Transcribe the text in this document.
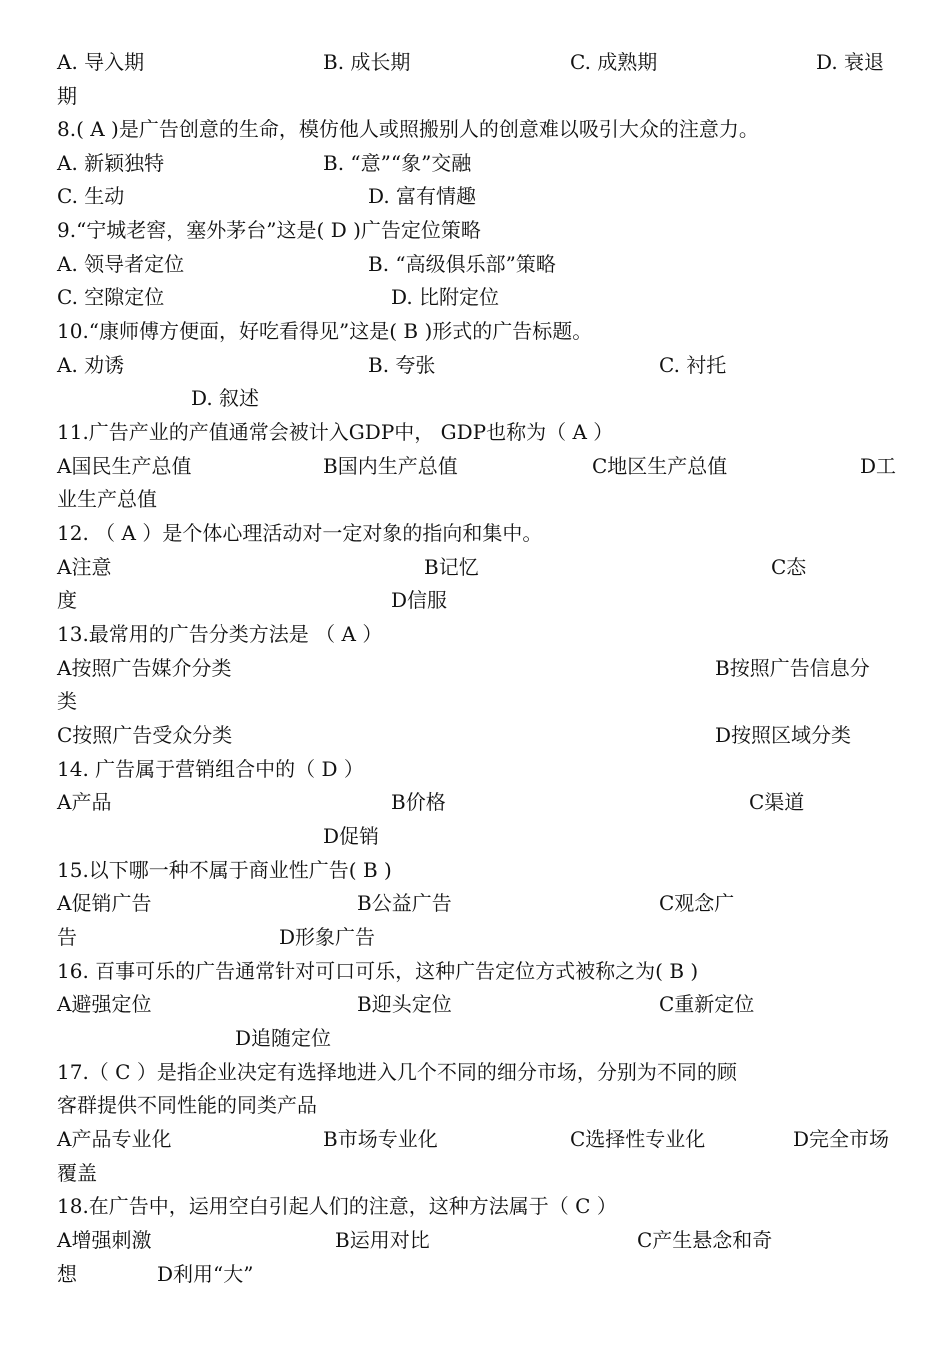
A. 导入期	B. 成长期	C. 成熟期	D. 衰退
期
8.( A )是广告创意的生命，模仿他人或照搬别人的创意难以吸引大众的注意力。
A. 新颖独特	B. “意”“象”交融
C. 生动	D. 富有情趣
9.“宁城老窖，塞外茅台”这是( D )广告定位策略
A. 领导者定位	B. “高级俱乐部”策略
C. 空隙定位	D. 比附定位
10.“康师傅方便面，好吃看得见”这是( B )形式的广告标题。
A. 劝诱	B. 夸张	C. 衬托
D. 叙述
11.广告产业的产值通常会被计入GDP中， GDP也称为（ A ）
A国民生产总值	B国内生产总值	C地区生产总值	D工
业生产总值
12. （ A ）是个体心理活动对一定对象的指向和集中。
A注意	B记忆	C态
度	D信服
13.最常用的广告分类方法是 （ A ）
A按照广告媒介分类	B按照广告信息分
类
C按照广告受众分类	D按照区域分类
14. 广告属于营销组合中的（ D ）
A产品	B价格	C渠道
D促销
15.以下哪一种不属于商业性广告( B )
A促销广告	B公益广告	C观念广
告	D形象广告
16. 百事可乐的广告通常针对可口可乐，这种广告定位方式被称之为( B )
A避强定位	B迎头定位	C重新定位
D追随定位
17.（ C ）是指企业决定有选择地进入几个不同的细分市场，分别为不同的顾
客群提供不同性能的同类产品
A产品专业化	B市场专业化	C选择性专业化	D完全市场
覆盖
18.在广告中，运用空白引起人们的注意，这种方法属于（ C ）
A增强刺激	B运用对比	C产生悬念和奇
想	D利用“大”
